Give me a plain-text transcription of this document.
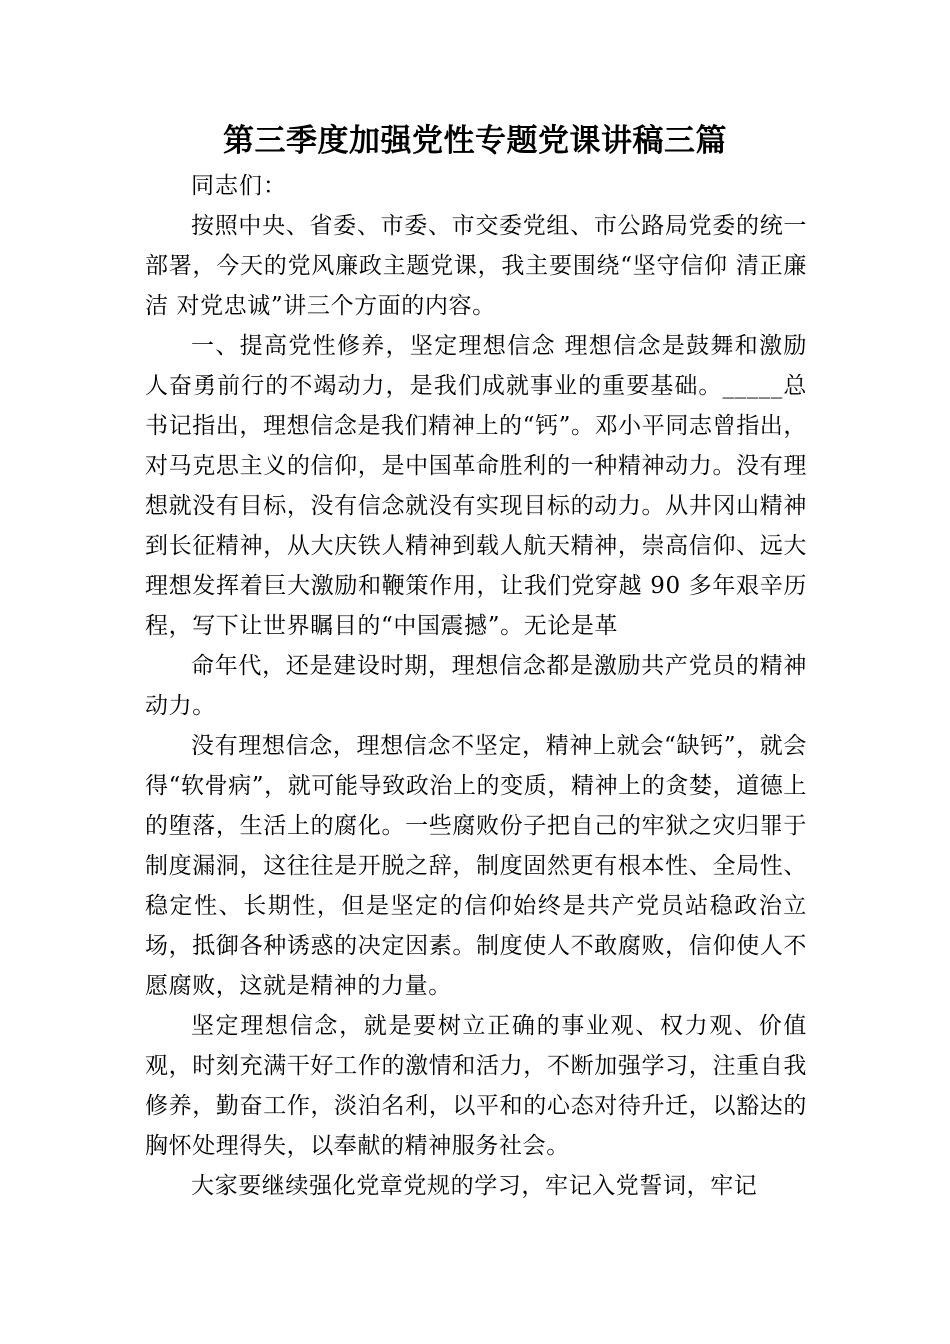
第三季度加强党性专题党课讲稿三篇

同志们：

按照中央、省委、市委、市交委党组、市公路局党委的统一部署，今天的党风廉政主题党课，我主要围绕“坚守信仰 清正廉洁 对党忠诚”讲三个方面的内容。

一、提高党性修养，坚定理想信念 理想信念是鼓舞和激励人奋勇前行的不竭动力，是我们成就事业的重要基础。_____总书记指出，理想信念是我们精神上的“钙”。邓小平同志曾指出，对马克思主义的信仰，是中国革命胜利的一种精神动力。没有理想就没有目标，没有信念就没有实现目标的动力。从井冈山精神到长征精神，从大庆铁人精神到载人航天精神，崇高信仰、远大理想发挥着巨大激励和鞭策作用，让我们党穿越 90 多年艰辛历程，写下让世界瞩目的“中国震撼”。无论是革

命年代，还是建设时期，理想信念都是激励共产党员的精神动力。

没有理想信念，理想信念不坚定，精神上就会“缺钙”，就会得“软骨病”，就可能导致政治上的变质，精神上的贪婪，道德上的堕落，生活上的腐化。一些腐败份子把自己的牢狱之灾归罪于制度漏洞，这往往是开脱之辞，制度固然更有根本性、全局性、稳定性、长期性，但是坚定的信仰始终是共产党员站稳政治立场，抵御各种诱惑的决定因素。制度使人不敢腐败，信仰使人不愿腐败，这就是精神的力量。

坚定理想信念，就是要树立正确的事业观、权力观、价值观，时刻充满干好工作的激情和活力，不断加强学习，注重自我修养，勤奋工作，淡泊名利，以平和的心态对待升迁，以豁达的胸怀处理得失，以奉献的精神服务社会。

大家要继续强化党章党规的学习，牢记入党誓词，牢记
